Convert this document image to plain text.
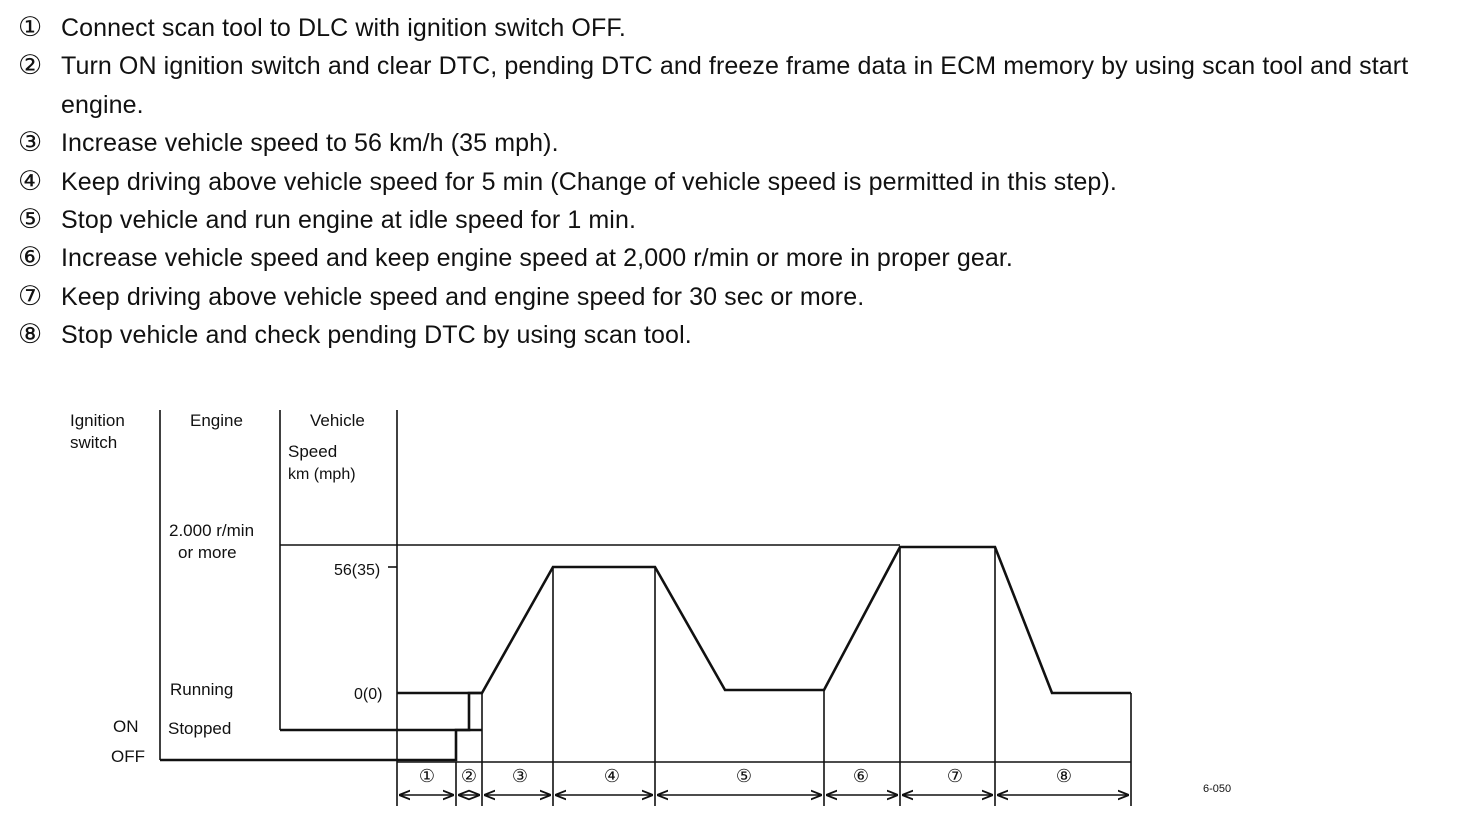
① Connect scan tool to DLC with ignition switch OFF.
② Turn ON ignition switch and clear DTC, pending DTC and freeze frame data in ECM memory by using scan tool and start engine.
③ Increase vehicle speed to 56 km/h (35 mph).
④ Keep driving above vehicle speed for 5 min (Change of vehicle speed is permitted in this step).
⑤ Stop vehicle and run engine at idle speed for 1 min.
⑥ Increase vehicle speed and keep engine speed at 2,000 r/min or more in proper gear.
⑦ Keep driving above vehicle speed and engine speed for 30 sec or more.
⑧ Stop vehicle and check pending DTC by using scan tool.
Ignition
switch
Engine	Vehicle
Speed
km (mph)
2.000 r/min
or more
Running
Stopped
ON
OFF
56(35)
0(0)
① ② ③	④	⑤	⑥	⑦	⑧
6-050
